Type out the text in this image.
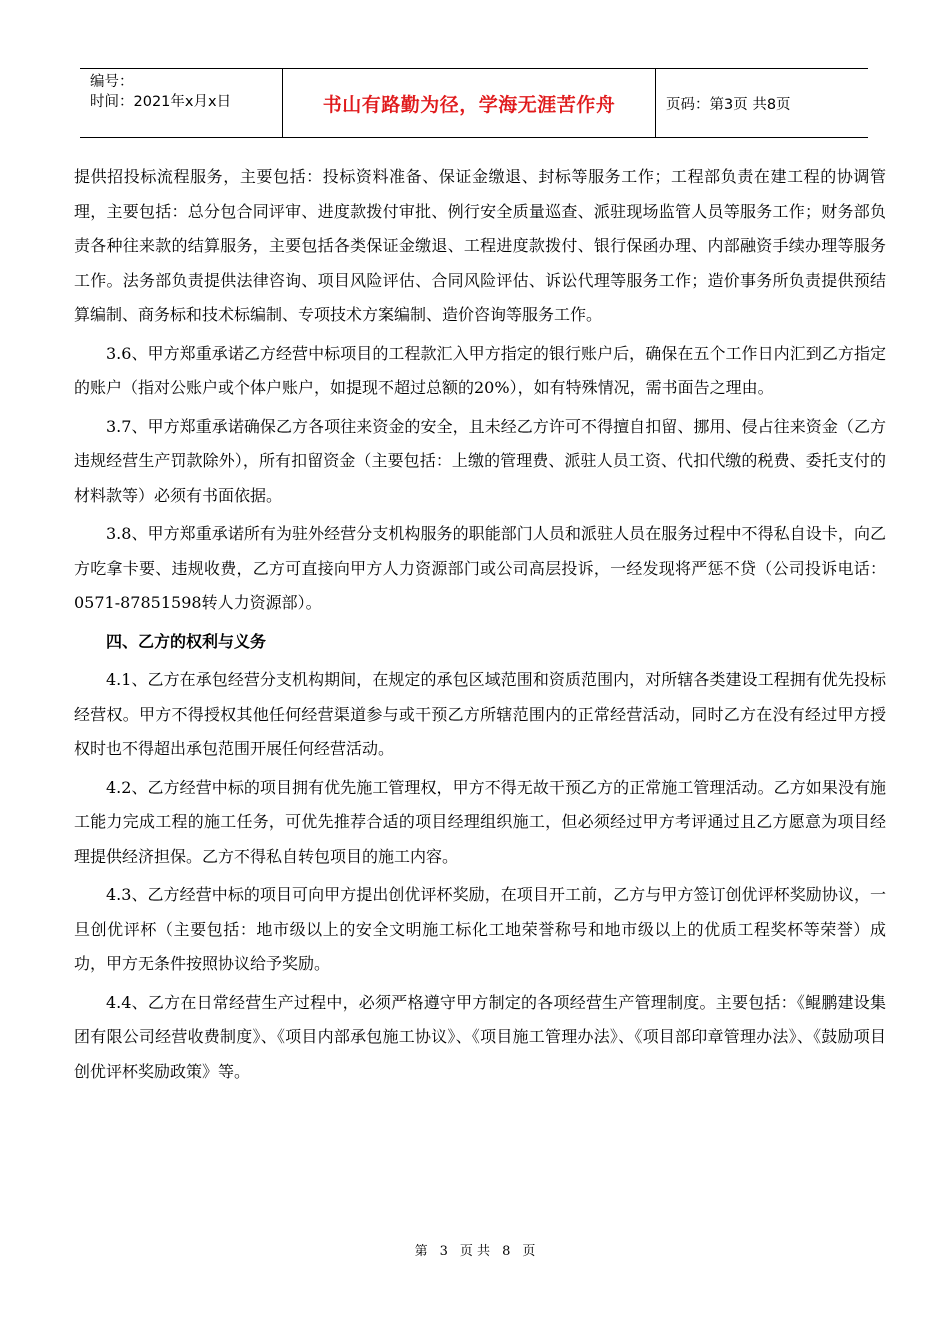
编号：
时间：2021年x月x日	书山有路勤为径，学海无涯苦作舟	页码：第3页 共8页

提供招投标流程服务，主要包括：投标资料准备、保证金缴退、封标等服务工作；工程部负责在建工程的协调管理，主要包括：总分包合同评审、进度款拨付审批、例行安全质量巡查、派驻现场监管人员等服务工作；财务部负责各种往来款的结算服务，主要包括各类保证金缴退、工程进度款拨付、银行保函办理、内部融资手续办理等服务工作。法务部负责提供法律咨询、项目风险评估、合同风险评估、诉讼代理等服务工作；造价事务所负责提供预结算编制、商务标和技术标编制、专项技术方案编制、造价咨询等服务工作。

3.6、甲方郑重承诺乙方经营中标项目的工程款汇入甲方指定的银行账户后，确保在五个工作日内汇到乙方指定的账户（指对公账户或个体户账户，如提现不超过总额的20%），如有特殊情况，需书面告之理由。

3.7、甲方郑重承诺确保乙方各项往来资金的安全，且未经乙方许可不得擅自扣留、挪用、侵占往来资金（乙方违规经营生产罚款除外），所有扣留资金（主要包括：上缴的管理费、派驻人员工资、代扣代缴的税费、委托支付的材料款等）必须有书面依据。

3.8、甲方郑重承诺所有为驻外经营分支机构服务的职能部门人员和派驻人员在服务过程中不得私自设卡，向乙方吃拿卡要、违规收费，乙方可直接向甲方人力资源部门或公司高层投诉，一经发现将严惩不贷（公司投诉电话：0571-87851598转人力资源部）。

四、乙方的权利与义务

4.1、乙方在承包经营分支机构期间，在规定的承包区域范围和资质范围内，对所辖各类建设工程拥有优先投标经营权。甲方不得授权其他任何经营渠道参与或干预乙方所辖范围内的正常经营活动，同时乙方在没有经过甲方授权时也不得超出承包范围开展任何经营活动。

4.2、乙方经营中标的项目拥有优先施工管理权，甲方不得无故干预乙方的正常施工管理活动。乙方如果没有施工能力完成工程的施工任务，可优先推荐合适的项目经理组织施工，但必须经过甲方考评通过且乙方愿意为项目经理提供经济担保。乙方不得私自转包项目的施工内容。

4.3、乙方经营中标的项目可向甲方提出创优评杯奖励，在项目开工前，乙方与甲方签订创优评杯奖励协议，一旦创优评杯（主要包括：地市级以上的安全文明施工标化工地荣誉称号和地市级以上的优质工程奖杯等荣誉）成功，甲方无条件按照协议给予奖励。

4.4、乙方在日常经营生产过程中，必须严格遵守甲方制定的各项经营生产管理制度。主要包括：《鲲鹏建设集团有限公司经营收费制度》、《项目内部承包施工协议》、《项目施工管理办法》、《项目部印章管理办法》、《鼓励项目创优评杯奖励政策》等。

第 3 页 共 8 页
